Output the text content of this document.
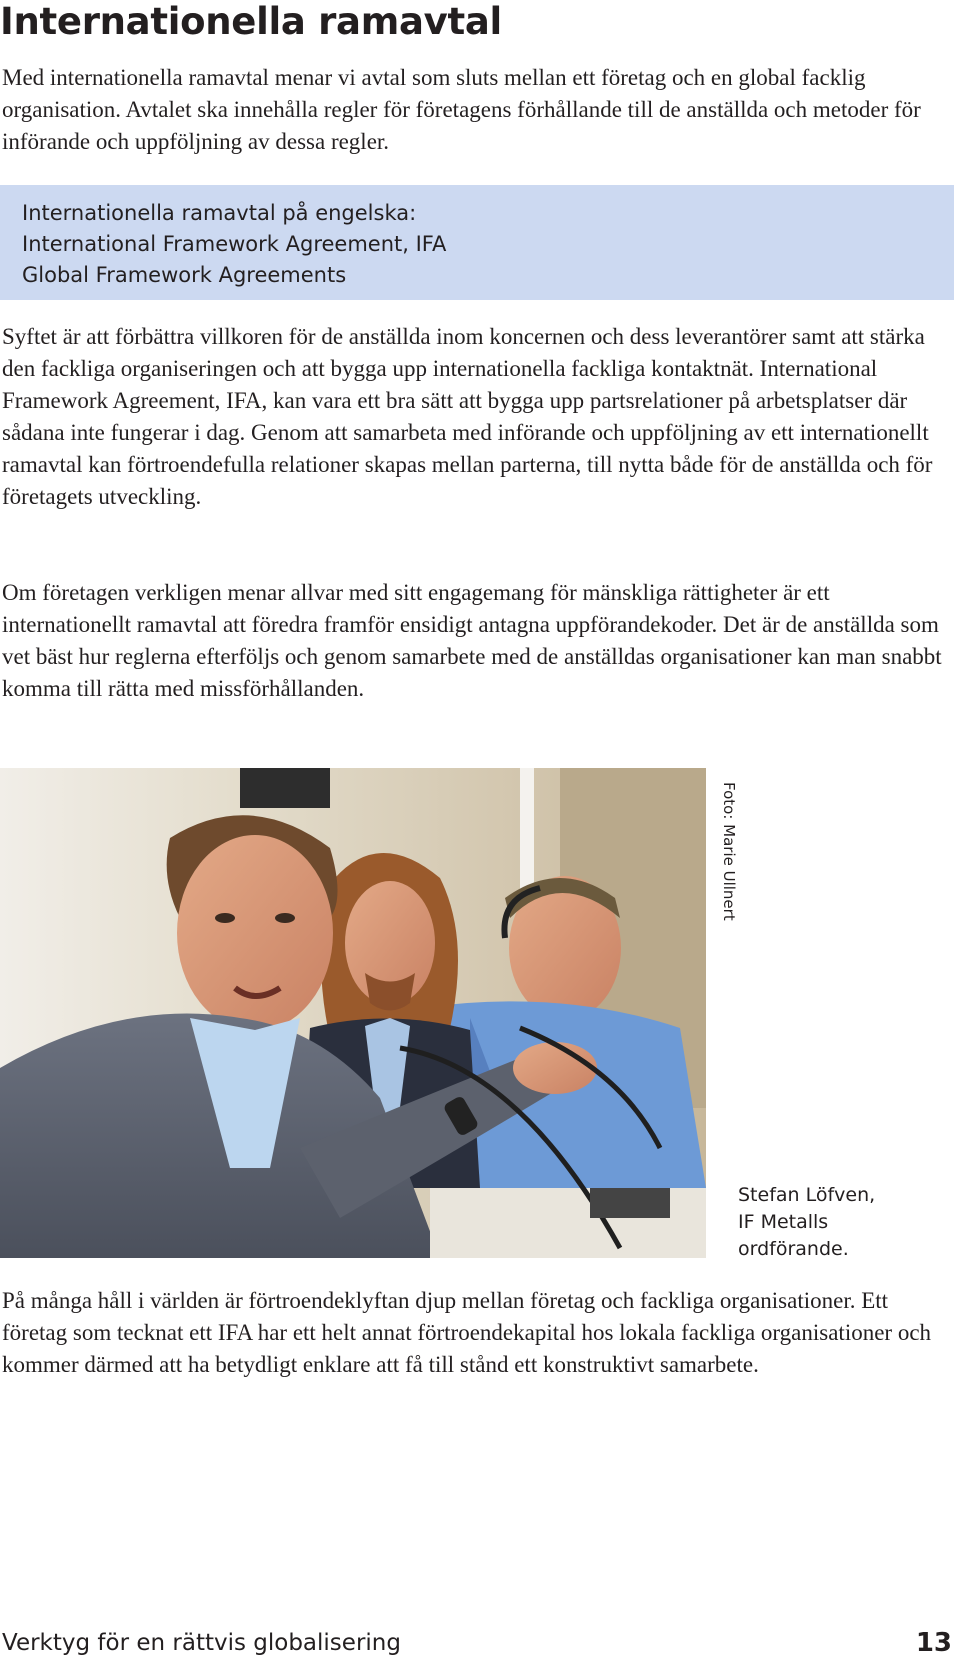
Internationella ramavtal

Med internationella ramavtal menar vi avtal som sluts mellan ett företag och en global facklig organisation. Avtalet ska innehålla regler för företagens förhållande till de anställda och metoder för införande och uppföljning av dessa regler.

Internationella ramavtal på engelska:
International Framework Agreement, IFA
Global Framework Agreements

Syftet är att förbättra villkoren för de anställda inom koncernen och dess leverantörer samt att stärka den fackliga organiseringen och att bygga upp internationella fackliga kontaktnät. International Framework Agreement, IFA, kan vara ett bra sätt att bygga upp partsrelationer på arbetsplatser där sådana inte fungerar i dag. Genom att samarbeta med införande och uppföljning av ett internationellt ramavtal kan förtroendefulla relationer skapas mellan parterna, till nytta både för de anställda och för företagets utveckling.

Om företagen verkligen menar allvar med sitt engagemang för mänskliga rättigheter är ett internationellt ramavtal att föredra framför ensidigt antagna uppförandekoder. Det är de anställda som vet bäst hur reglerna efterföljs och genom samarbete med de anställdas organisationer kan man snabbt komma till rätta med missförhållanden.

Foto: Marie Ullnert
Stefan Löfven,
IF Metalls
ordförande.

På många håll i världen är förtroendeklyftan djup mellan företag och fackliga organisationer. Ett företag som tecknat ett IFA har ett helt annat förtroendekapital hos lokala fackliga organisationer och kommer därmed att ha betydligt enklare att få till stånd ett konstruktivt samarbete.

Verktyg för en rättvis globalisering	13
